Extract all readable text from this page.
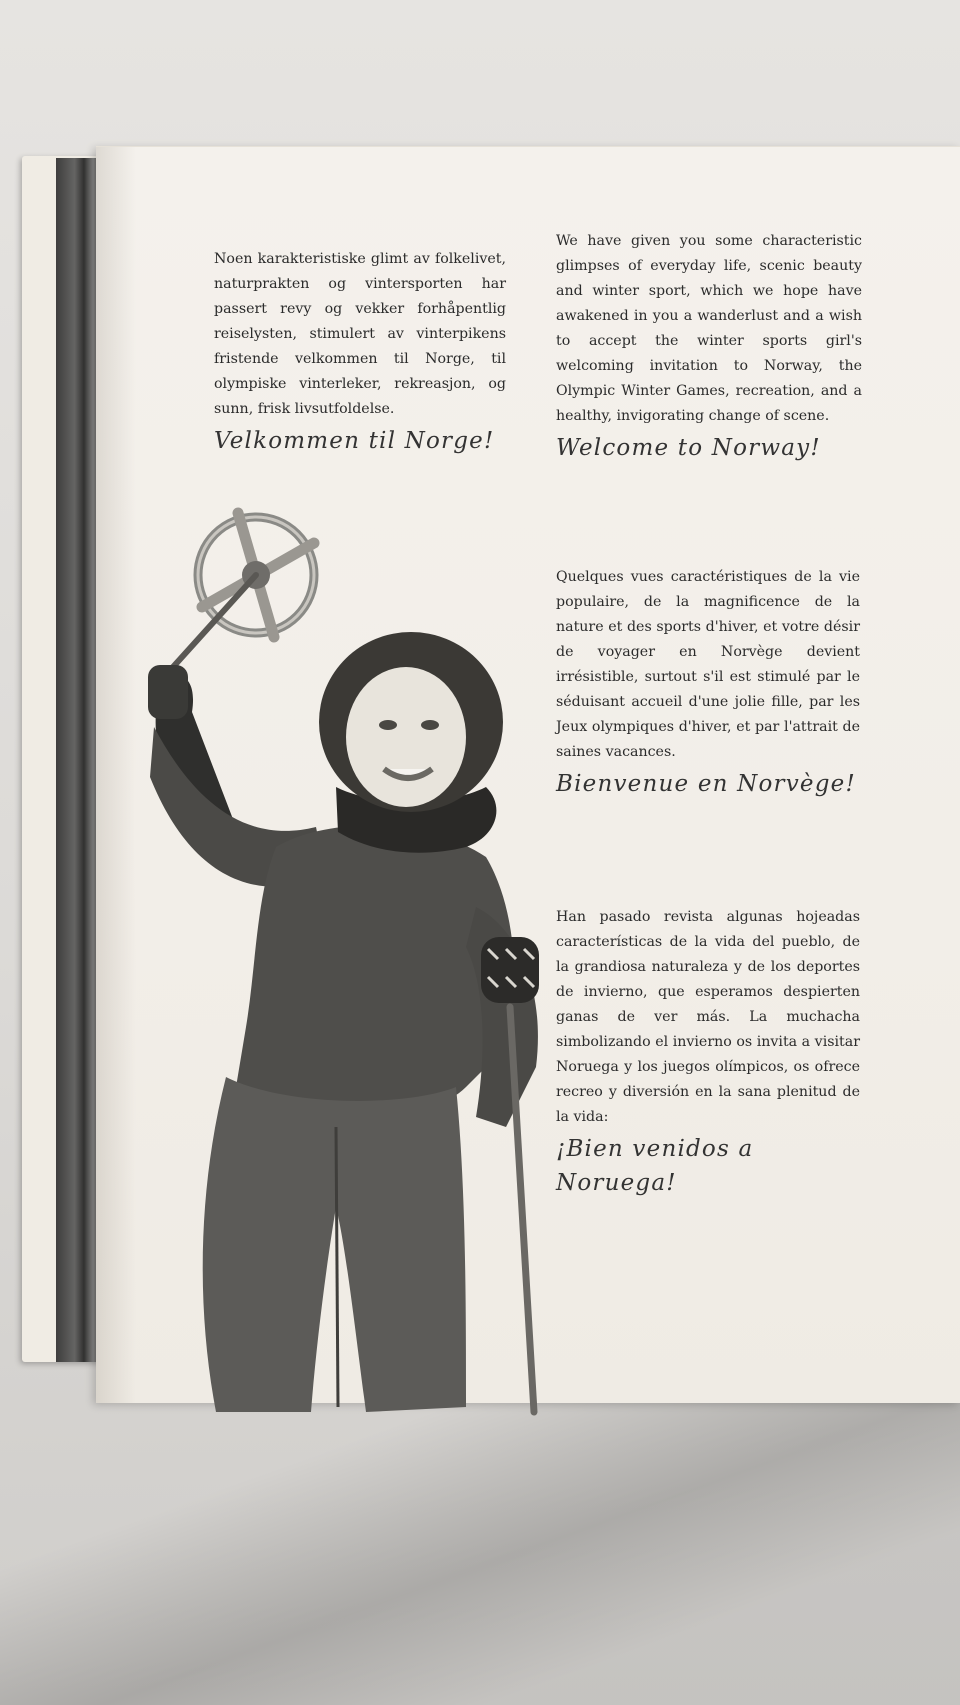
Noen karakteristiske glimt av folkelivet, naturprakten og vintersporten har passert revy og vekker forhåpentlig reiselysten, stimulert av vinterpikens fristende velkommen til Norge, til olympiske vinterleker, rekreasjon, og sunn, frisk livsutfoldelse.

Velkommen til Norge!

We have given you some characteristic glimpses of everyday life, scenic beauty and winter sport, which we hope have awakened in you a wanderlust and a wish to accept the winter sports girl's welcoming invitation to Norway, the Olympic Winter Games, recreation, and a healthy, invigorating change of scene.

Welcome to Norway!

Quelques vues caractéristiques de la vie populaire, de la magnificence de la nature et des sports d'hiver, et votre désir de voyager en Norvège devient irrésistible, surtout s'il est stimulé par le séduisant accueil d'une jolie fille, par les Jeux olympiques d'hiver, et par l'attrait de saines vacances.

Bienvenue en Norvège!

Han pasado revista algunas hojeadas características de la vida del pueblo, de la grandiosa naturaleza y de los deportes de invierno, que esperamos despierten ganas de ver más. La muchacha simbolizando el invierno os invita a visitar Noruega y los juegos olímpicos, os ofrece recreo y diversión en la sana plenitud de la vida:

¡Bien venidos a Noruega!
